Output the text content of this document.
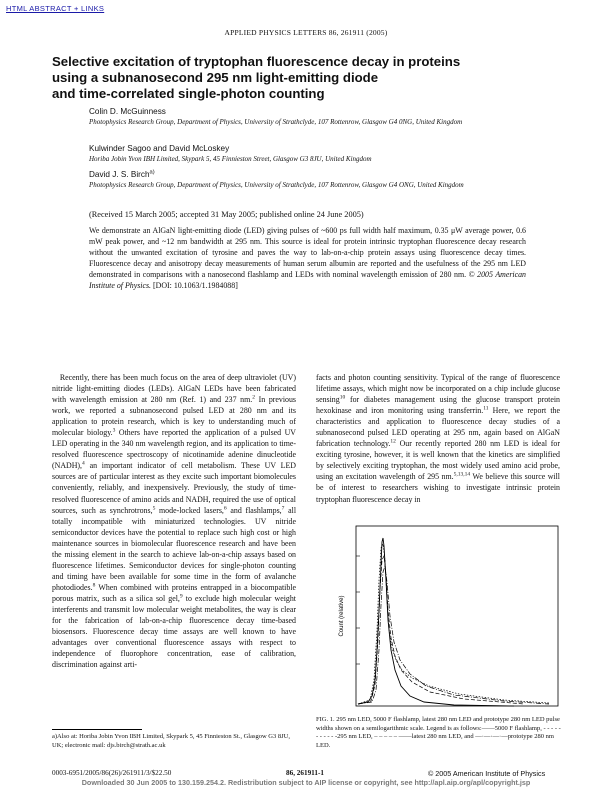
HTML ABSTRACT + LINKS
APPLIED PHYSICS LETTERS 86, 261911 (2005)
Selective excitation of tryptophan fluorescence decay in proteins
using a subnanosecond 295 nm light-emitting diode
and time-correlated single-photon counting
Colin D. McGuinness
Photophysics Research Group, Department of Physics, University of Strathclyde, 107 Rottenrow, Glasgow G4 0NG, United Kingdom
Kulwinder Sagoo and David McLoskey
Horiba Jobin Yvon IBH Limited, Skypark 5, 45 Finnieston Street, Glasgow G3 8JU, United Kingdom
David J. S. Birch$^{a)}$
Photophysics Research Group, Department of Physics, University of Strathclyde, 107 Rottenrow, Glasgow G4 ONG, United Kingdom
(Received 15 March 2005; accepted 31 May 2005; published online 24 June 2005)
We demonstrate an AlGaN light-emitting diode (LED) giving pulses of ~600 ps full width half maximum, 0.35 μW average power, 0.6 mW peak power, and ~12 nm bandwidth at 295 nm. This source is ideal for protein intrinsic tryptophan fluorescence decay research without the unwanted excitation of tyrosine and paves the way to lab-on-a-chip protein assays using fluorescence decay times. Fluorescence decay and anisotropy decay measurements of human serum albumin are reported and the usefulness of the 295 nm LED demonstrated in comparisons with a nanosecond flashlamp and LEDs with nominal wavelength emission of 280 nm. © 2005 American Institute of Physics. [DOI: 10.1063/1.1984088]
 Recently, there has been much focus on the area of deep ultraviolet (UV) nitride light-emitting diodes (LEDs). AlGaN LEDs have been fabricated with wavelength emission at 280 nm (Ref. 1) and 237 nm.$^2$ In previous work, we reported a subnanosecond pulsed LED at 280 nm and its application to protein research, which is key to understanding much of molecular biology.$^3$ Others have reported the application of a pulsed UV LED operating in the 340 nm wavelength region, and its application to time-resolved fluorescence spectroscopy of nicotinamide adenine dinucleotide (NADH),$^4$ an important indicator of cell metabolism. These UV LED sources are of particular interest as they excite such important biomolecules conveniently, reliably, and inexpensively. Previously, the study of time-resolved fluorescence of amino acids and NADH, required the use of optical sources, such as synchrotrons,$^5$ mode-locked lasers,$^6$ and flashlamps,$^7$ all totally incompatible with miniaturized technologies. UV nitride semiconductor devices have the potential to replace such high cost or high maintenance sources in biomolecular fluorescence research and have been the missing element in the search to achieve lab-on-a-chip assays based on fluorescence lifetimes. Semiconductor devices for single-photon counting and timing have been available for some time in the form of avalanche photodiodes.$^8$ When combined with proteins entrapped in a biocompatible porous matrix, such as a silica sol gel,$^9$ to exclude high molecular weight interferents and transmit low molecular weight metabolites, the way is clear for the fabrication of lab-on-a-chip fluorescence decay time-based biosensors. Fluorescence decay time assays are well known to have advantages over conventional fluorescence assays with respect to independence of fluorophore concentration, ease of calibration, discrimination against arti-
facts and photon counting sensitivity. Typical of the range of fluorescence lifetime assays, which might now be incorporated on a chip include glucose sensing$^{10}$ for diabetes management using the glucose transport protein hexokinase and iron monitoring using transferrin.$^{11}$ Here, we report the characteristics and application to fluorescence decay studies of a subnanosecond pulsed LED operating at 295 nm, again based on AlGaN fabrication technology.$^{12}$ Our recently reported 280 nm LED is ideal for exciting tyrosine, however, it is well known that the kinetics are simplified by selectively exciting tryptophan, the most widely used amino acid probe, using an excitation wavelength of 295 nm.$^{5,13,14}$ We believe this source will be of interest to researchers wishing to investigate intrinsic protein tryptophan fluorescence decay in
Count (relative)
a)Also at: Horiba Jobin Yvon IBH Limited, Skypark 5, 45 Finnieston St., Glasgow G3 8JU, UK; electronic mail: djs.birch@strath.ac.uk
FIG. 1. 295 nm LED, 5000 F flashlamp, latest 280 nm LED and prototype 280 nm LED pulse widths shown on a semilogarithmic scale. Legend is as follows:——5000 F flashlamp, - - - - - - - - - - -295 nm LED, – – – – – ——latest 280 nm LED, and —·—·—·—prototype 280 nm LED.
0003-6951/2005/86(26)/261911/3/$22.50	86, 261911-1	© 2005 American Institute of Physics
Downloaded 30 Jun 2005 to 130.159.254.2. Redistribution subject to AIP license or copyright, see http://apl.aip.org/apl/copyright.jsp
